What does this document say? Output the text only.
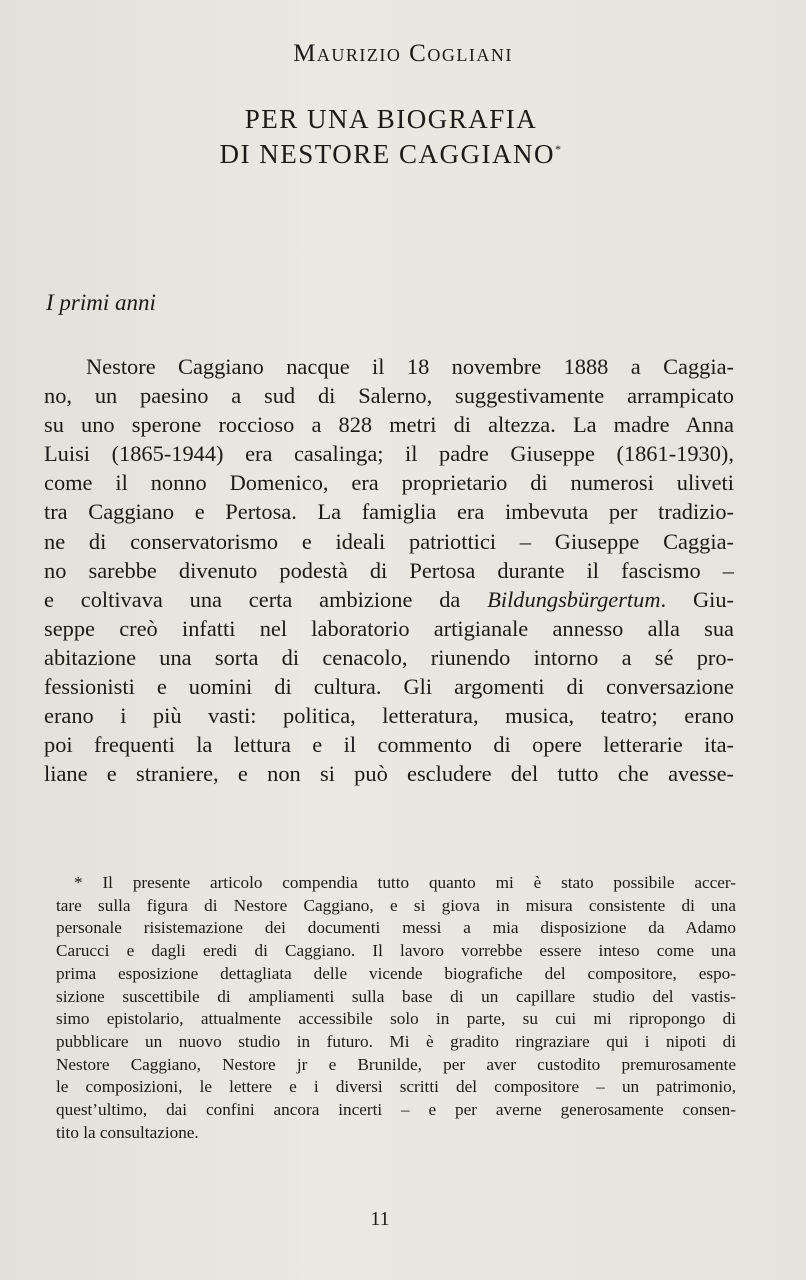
Maurizio Cogliani
PER UNA BIOGRAFIA
DI NESTORE CAGGIANO*
I primi anni
Nestore Caggiano nacque il 18 novembre 1888 a Caggia-
no, un paesino a sud di Salerno, suggestivamente arrampicato
su uno sperone roccioso a 828 metri di altezza. La madre Anna
Luisi (1865-1944) era casalinga; il padre Giuseppe (1861-1930),
come il nonno Domenico, era proprietario di numerosi uliveti
tra Caggiano e Pertosa. La famiglia era imbevuta per tradizio-
ne di conservatorismo e ideali patriottici – Giuseppe Caggia-
no sarebbe divenuto podestà di Pertosa durante il fascismo –
e coltivava una certa ambizione da Bildungsbürgertum. Giu-
seppe creò infatti nel laboratorio artigianale annesso alla sua
abitazione una sorta di cenacolo, riunendo intorno a sé pro-
fessionisti e uomini di cultura. Gli argomenti di conversazione
erano i più vasti: politica, letteratura, musica, teatro; erano
poi frequenti la lettura e il commento di opere letterarie ita-
liane e straniere, e non si può escludere del tutto che avesse-
* Il presente articolo compendia tutto quanto mi è stato possibile accer-
tare sulla figura di Nestore Caggiano, e si giova in misura consistente di una
personale risistemazione dei documenti messi a mia disposizione da Adamo
Carucci e dagli eredi di Caggiano. Il lavoro vorrebbe essere inteso come una
prima esposizione dettagliata delle vicende biografiche del compositore, espo-
sizione suscettibile di ampliamenti sulla base di un capillare studio del vastis-
simo epistolario, attualmente accessibile solo in parte, su cui mi ripropongo di
pubblicare un nuovo studio in futuro. Mi è gradito ringraziare qui i nipoti di
Nestore Caggiano, Nestore jr e Brunilde, per aver custodito premurosamente
le composizioni, le lettere e i diversi scritti del compositore – un patrimonio,
quest’ultimo, dai confini ancora incerti – e per averne generosamente consen-
tito la consultazione.
11
